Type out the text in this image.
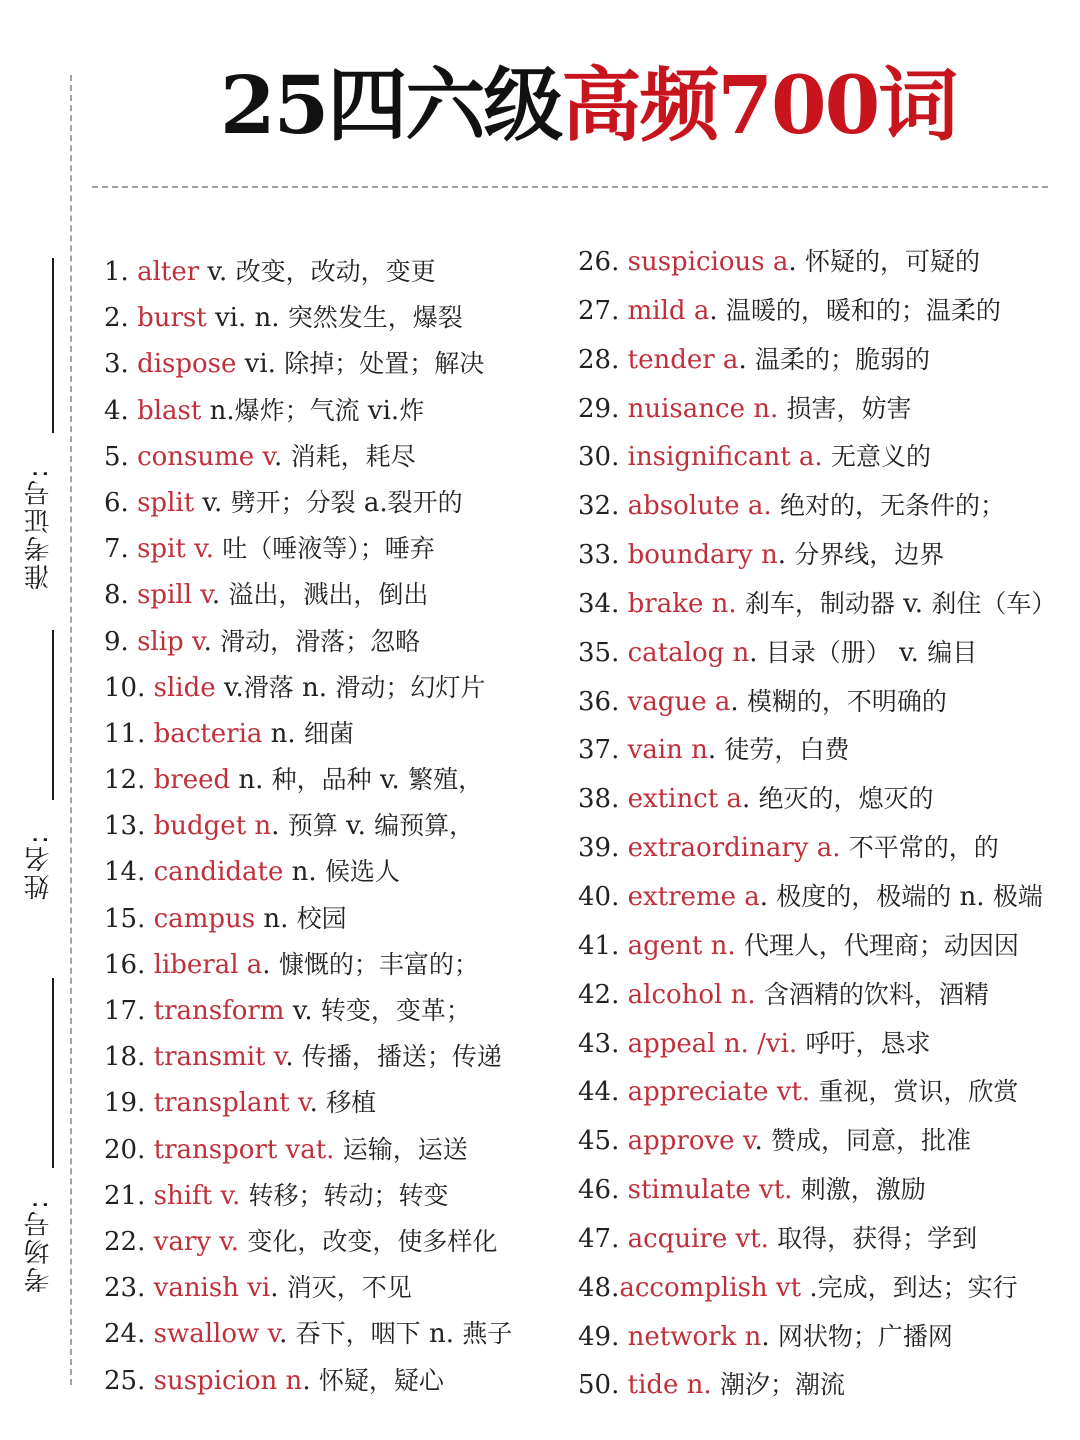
准考证号:
姓名:
考场号:
25四六级高频700词
1. alter v. 改变，改动，变更
2. burst vi. n. 突然发生，爆裂
3. dispose vi. 除掉；处置；解决
4. blast n.爆炸；气流 vi.炸
5. consume v. 消耗，耗尽
6. split v. 劈开；分裂 a.裂开的
7. spit v. 吐（唾液等）；唾弃
8. spill v. 溢出，溅出，倒出
9. slip v. 滑动，滑落；忽略
10. slide v.滑落 n. 滑动；幻灯片
11. bacteria n. 细菌
12. breed n. 种，品种 v. 繁殖，
13. budget n. 预算 v. 编预算，
14. candidate n. 候选人
15. campus n. 校园
16. liberal a. 慷慨的；丰富的；
17. transform v. 转变，变革；
18. transmit v. 传播，播送；传递
19. transplant v. 移植
20. transport vat. 运输，运送
21. shift v. 转移；转动；转变
22. vary v. 变化，改变，使多样化
23. vanish vi. 消灭，不见
24. swallow v. 吞下，咽下 n. 燕子
25. suspicion n. 怀疑，疑心
26. suspicious a. 怀疑的，可疑的
27. mild a. 温暖的，暖和的；温柔的
28. tender a. 温柔的；脆弱的
29. nuisance n. 损害，妨害
30. insignificant a. 无意义的
32. absolute a. 绝对的，无条件的；
33. boundary n. 分界线，边界
34. brake n. 刹车，制动器 v. 刹住（车）
35. catalog n. 目录（册） v. 编目
36. vague a. 模糊的，不明确的
37. vain n. 徒劳，白费
38. extinct a. 绝灭的，熄灭的
39. extraordinary a. 不平常的，的
40. extreme a. 极度的，极端的 n. 极端
41. agent n. 代理人，代理商；动因因
42. alcohol n. 含酒精的饮料，酒精
43. appeal n. /vi. 呼吁，恳求
44. appreciate vt. 重视，赏识，欣赏
45. approve v. 赞成，同意，批准
46. stimulate vt. 刺激，激励
47. acquire vt. 取得，获得；学到
48.accomplish vt .完成，到达；实行
49. network n. 网状物；广播网
50. tide n. 潮汐；潮流
